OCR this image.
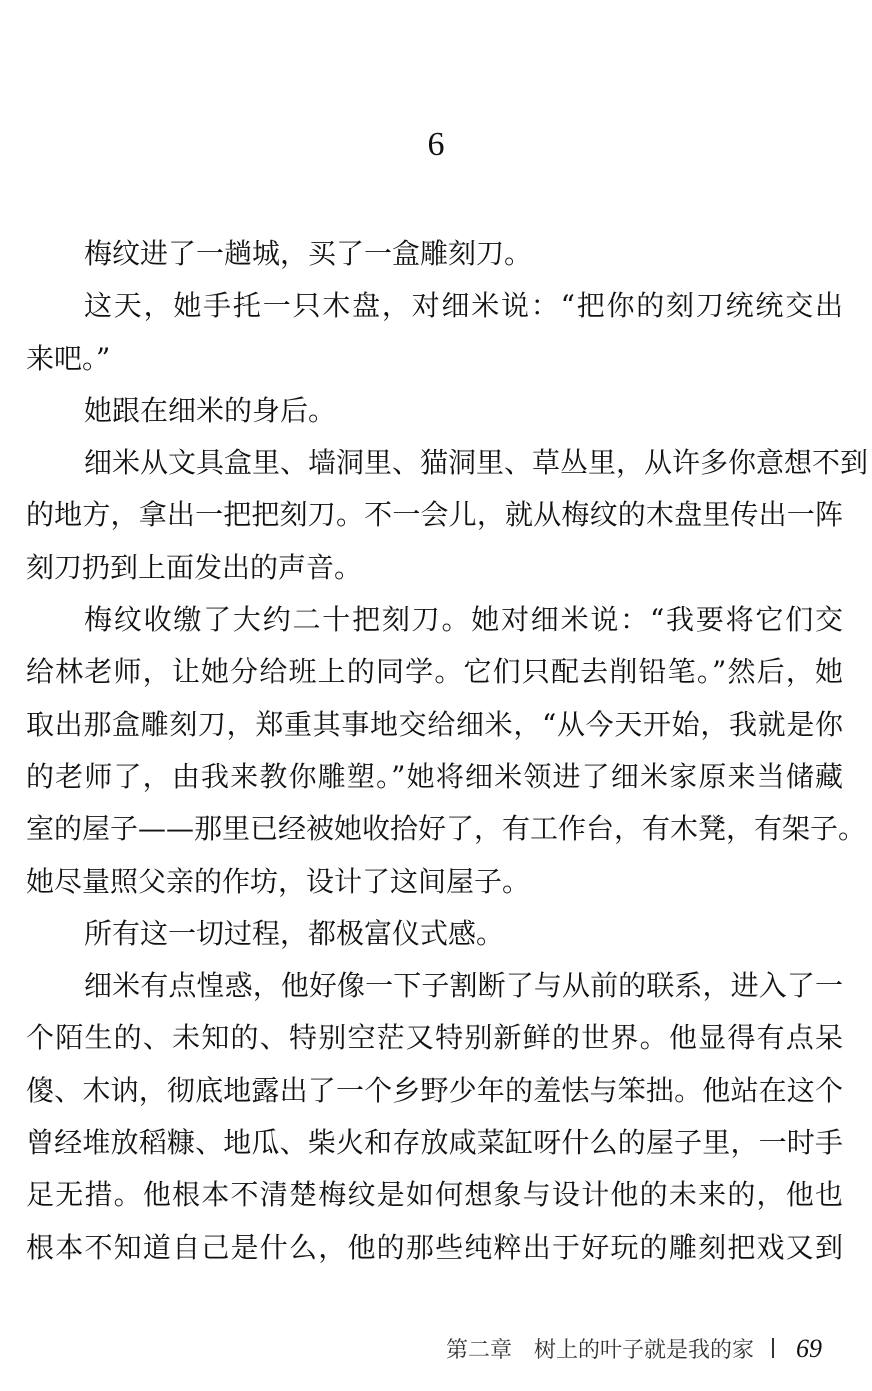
6
梅纹进了一趟城，买了一盒雕刻刀。
这天，她手托一只木盘，对细米说：“把你的刻刀统统交出
来吧。”
她跟在细米的身后。
细米从文具盒里、墙洞里、猫洞里、草丛里，从许多你意想不到
的地方，拿出一把把刻刀。不一会儿，就从梅纹的木盘里传出一阵
刻刀扔到上面发出的声音。
梅纹收缴了大约二十把刻刀。她对细米说：“我要将它们交
给林老师，让她分给班上的同学。它们只配去削铅笔。”然后，她
取出那盒雕刻刀，郑重其事地交给细米，“从今天开始，我就是你
的老师了，由我来教你雕塑。”她将细米领进了细米家原来当储藏
室的屋子——那里已经被她收拾好了，有工作台，有木凳，有架子。
她尽量照父亲的作坊，设计了这间屋子。
所有这一切过程，都极富仪式感。
细米有点惶惑，他好像一下子割断了与从前的联系，进入了一
个陌生的、未知的、特别空茫又特别新鲜的世界。他显得有点呆
傻、木讷，彻底地露出了一个乡野少年的羞怯与笨拙。他站在这个
曾经堆放稻糠、地瓜、柴火和存放咸菜缸呀什么的屋子里，一时手
足无措。他根本不清楚梅纹是如何想象与设计他的未来的，他也
根本不知道自己是什么，他的那些纯粹出于好玩的雕刻把戏又到
第二章　树上的叶子就是我的家 69
